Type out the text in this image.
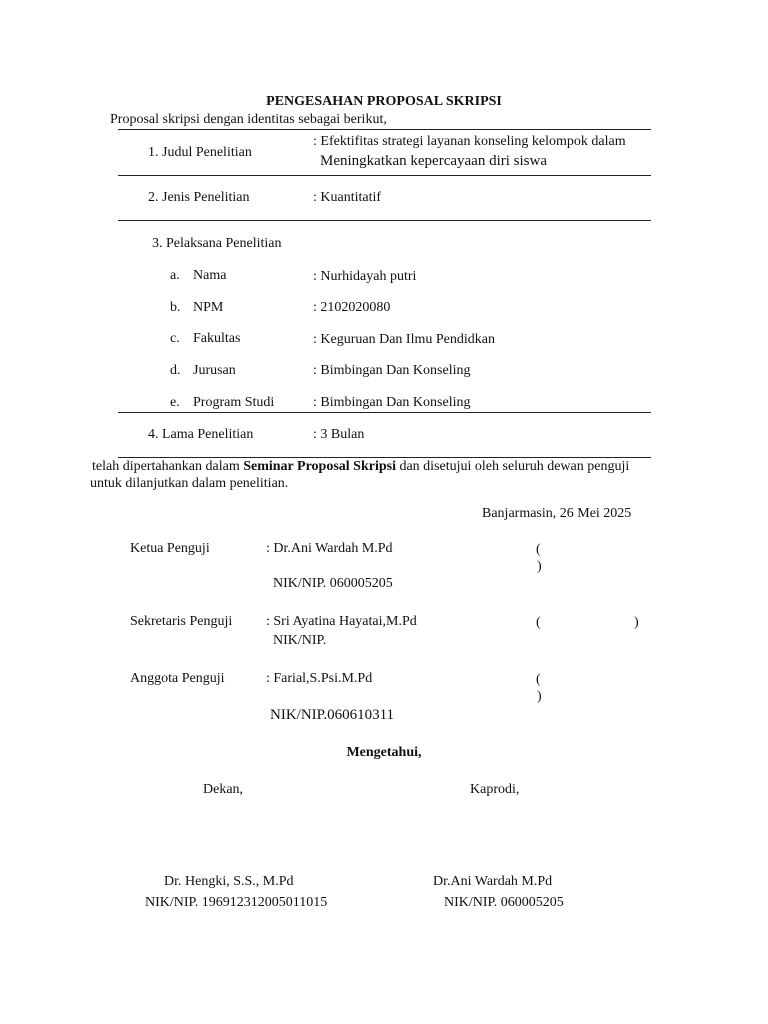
PENGESAHAN PROPOSAL SKRIPSI
Proposal skripsi dengan identitas sebagai berikut,
1. Judul Penelitian
: Efektifitas strategi layanan konseling kelompok dalam
Meningkatkan kepercayaan diri siswa
2. Jenis Penelitian	: Kuantitatif
3. Pelaksana Penelitian
a. Nama	: Nurhidayah putri
b. NPM	: 2102020080
c. Fakultas	: Keguruan Dan Ilmu Pendidkan
d. Jurusan	: Bimbingan Dan Konseling
e. Program Studi	: Bimbingan Dan Konseling
4. Lama Penelitian	: 3 Bulan
telah dipertahankan dalam Seminar Proposal Skripsi dan disetujui oleh seluruh dewan penguji
untuk dilanjutkan dalam penelitian.
Banjarmasin, 26 Mei 2025
Ketua Penguji	: Dr.Ani Wardah M.Pd	(
)
NIK/NIP. 060005205
Sekretaris Penguji : Sri Ayatina Hayatai,M.Pd
NIK/NIP.
(	)
Anggota Penguji	: Farial,S.Psi.M.Pd	(
)
NIK/NIP.060610311
Mengetahui,
Dekan,	Kaprodi,
Dr. Hengki, S.S., M.Pd	Dr.Ani Wardah M.Pd
NIK/NIP. 196912312005011015	NIK/NIP. 060005205
